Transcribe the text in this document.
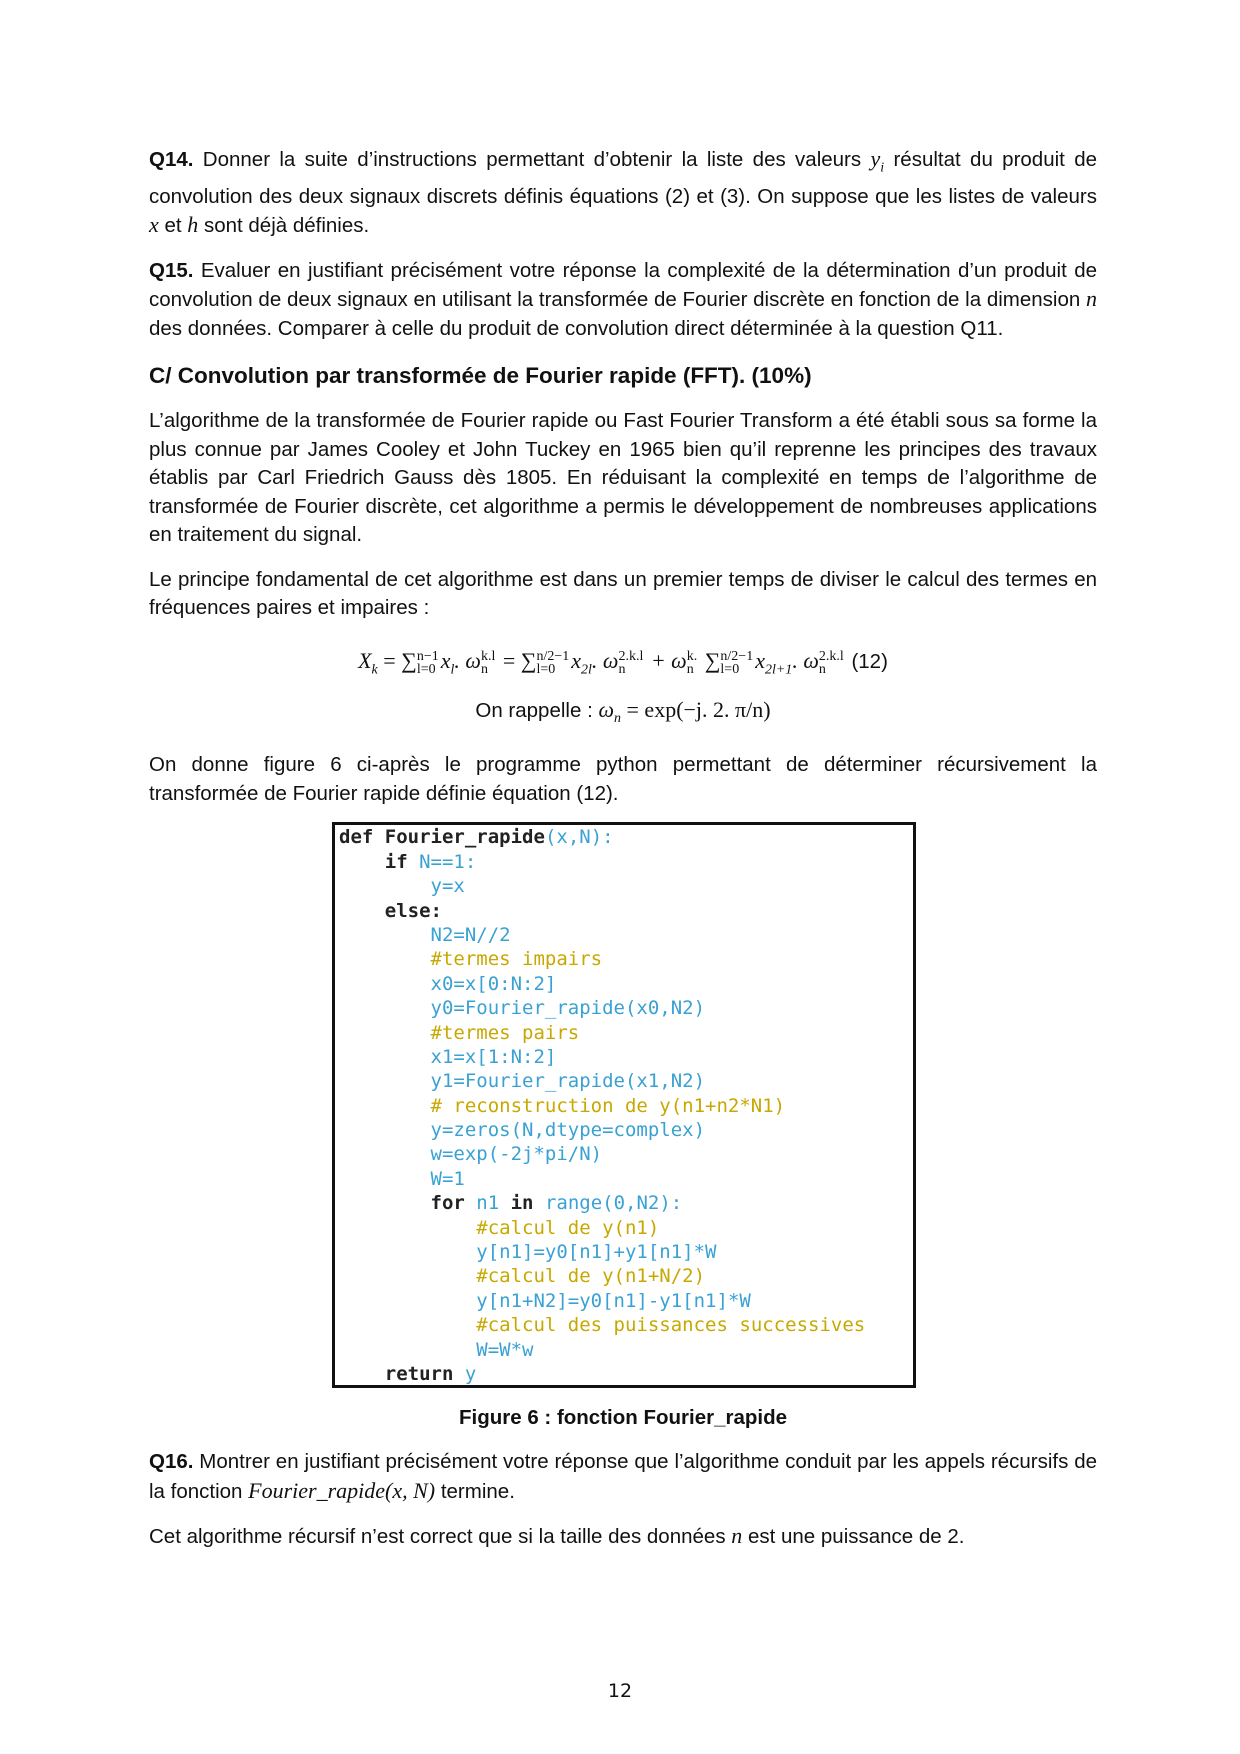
Q14. Donner la suite d’instructions permettant d’obtenir la liste des valeurs $y_i$ résultat du produit de convolution des deux signaux discrets définis équations (2) et (3). On suppose que les listes de valeurs x et h sont déjà définies.

Q15. Evaluer en justifiant précisément votre réponse la complexité de la détermination d’un produit de convolution de deux signaux en utilisant la transformée de Fourier discrète en fonction de la dimension n des données. Comparer à celle du produit de convolution direct déterminée à la question Q11.

C/ Convolution par transformée de Fourier rapide (FFT). (10%)

L’algorithme de la transformée de Fourier rapide ou Fast Fourier Transform a été établi sous sa forme la plus connue par James Cooley et John Tuckey en 1965 bien qu’il reprenne les principes des travaux établis par Carl Friedrich Gauss dès 1805. En réduisant la complexité en temps de l’algorithme de transformée de Fourier discrète, cet algorithme a permis le développement de nombreuses applications en traitement du signal.

Le principe fondamental de cet algorithme est dans un premier temps de diviser le calcul des termes en fréquences paires et impaires :

$X_k$ = ∑ n−1
l=0 $x_l$. ω k.l
n = ∑ n/2−1
l=0 $x_{2l}$. ω 2.k.l
n + ω k.
n ∑ n/2−1
l=0 $x_{2l+1}$. ω 2.k.l
n (12)
On rappelle : $\omega_n = \exp(-j$. 2. π/n)

On donne figure 6 ci-après le programme python permettant de déterminer récursivement la transformée de Fourier rapide définie équation (12).

def Fourier_rapide(x,N):
if N==1:
y=x
else:
N2=N//2
#termes impairs
x0=x[0:N:2]
y0=Fourier_rapide(x0,N2)
#termes pairs
x1=x[1:N:2]
y1=Fourier_rapide(x1,N2)
# reconstruction de y(n1+n2*N1)
y=zeros(N,dtype=complex)
w=exp(-2j*pi/N)
W=1
for n1 in range(0,N2):
#calcul de y(n1)
y[n1]=y0[n1]+y1[n1]*W
#calcul de y(n1+N/2)
y[n1+N2]=y0[n1]-y1[n1]*W
#calcul des puissances successives
W=W*w
return y
Figure 6 : fonction Fourier_rapide

Q16. Montrer en justifiant précisément votre réponse que l’algorithme conduit par les appels récursifs de la fonction Fourier_rapide(x, N) termine.

Cet algorithme récursif n’est correct que si la taille des données n est une puissance de 2.

12
